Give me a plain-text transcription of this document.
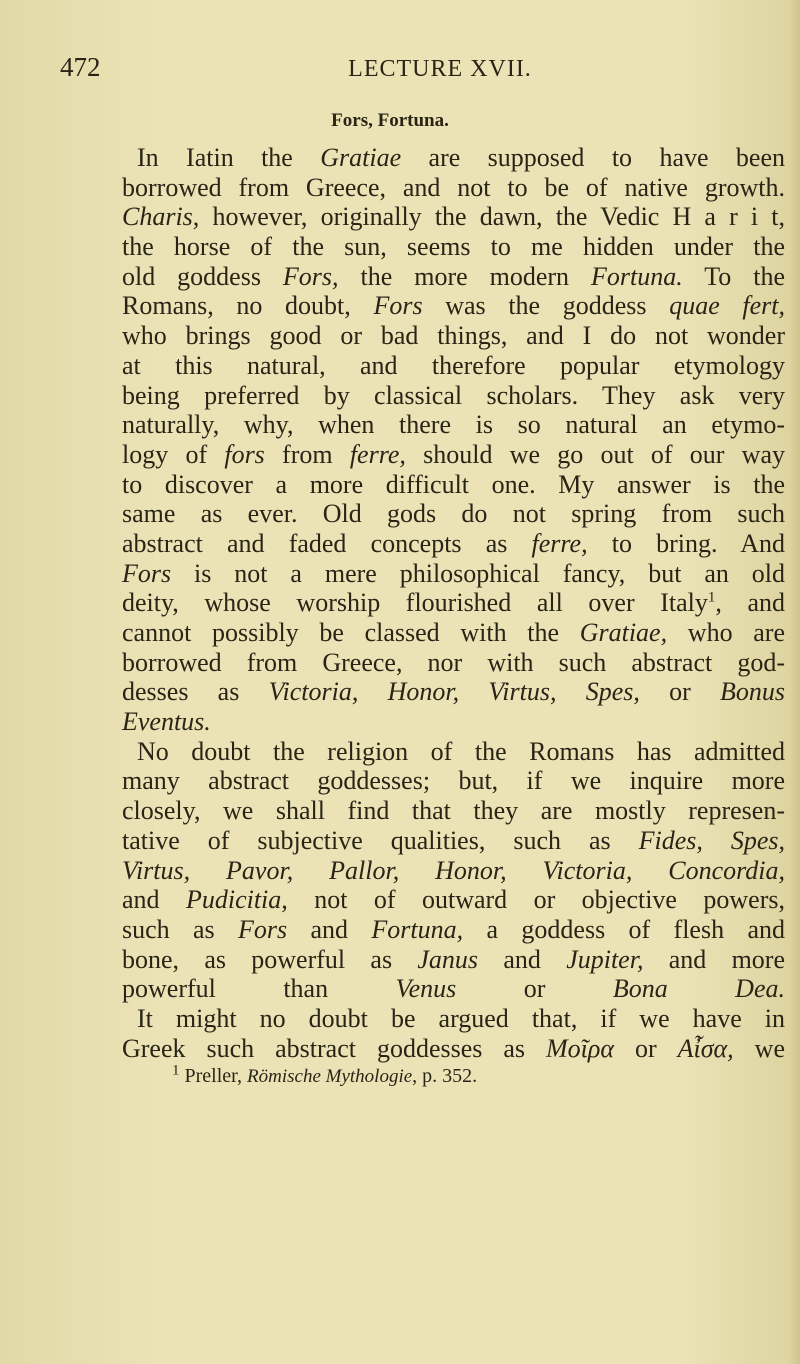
472	LECTURE XVII.
Fors, Fortuna.
In Iatin the Gratiae are supposed to have been
borrowed from Greece, and not to be of native growth.
Charis, however, originally the dawn, the Vedic H a r i t,
the horse of the sun, seems to me hidden under the
old goddess Fors, the more modern Fortuna. To the
Romans, no doubt, Fors was the goddess quae fert,
who brings good or bad things, and I do not wonder
at this natural, and therefore popular etymology
being preferred by classical scholars. They ask very
naturally, why, when there is so natural an etymo-
logy of fors from ferre, should we go out of our way
to discover a more difficult one. My answer is the
same as ever. Old gods do not spring from such
abstract and faded concepts as ferre, to bring. And
Fors is not a mere philosophical fancy, but an old
deity, whose worship flourished all over Italy$^1$, and
cannot possibly be classed with the Gratiae, who are
borrowed from Greece, nor with such abstract god-
desses as Victoria, Honor, Virtus, Spes, or Bonus
Eventus.
No doubt the religion of the Romans has admitted
many abstract goddesses; but, if we inquire more
closely, we shall find that they are mostly represen-
tative of subjective qualities, such as Fides, Spes,
Virtus, Pavor, Pallor, Honor, Victoria, Concordia,
and Pudicitia, not of outward or objective powers,
such as Fors and Fortuna, a goddess of flesh and
bone, as powerful as Janus and Jupiter, and more
powerful than Venus or Bona Dea.
It might no doubt be argued that, if we have in
Greek such abstract goddesses as Μοῖρα or Αἶσα, we
$^1$ Preller, Römische Mythologie, p. 352.
